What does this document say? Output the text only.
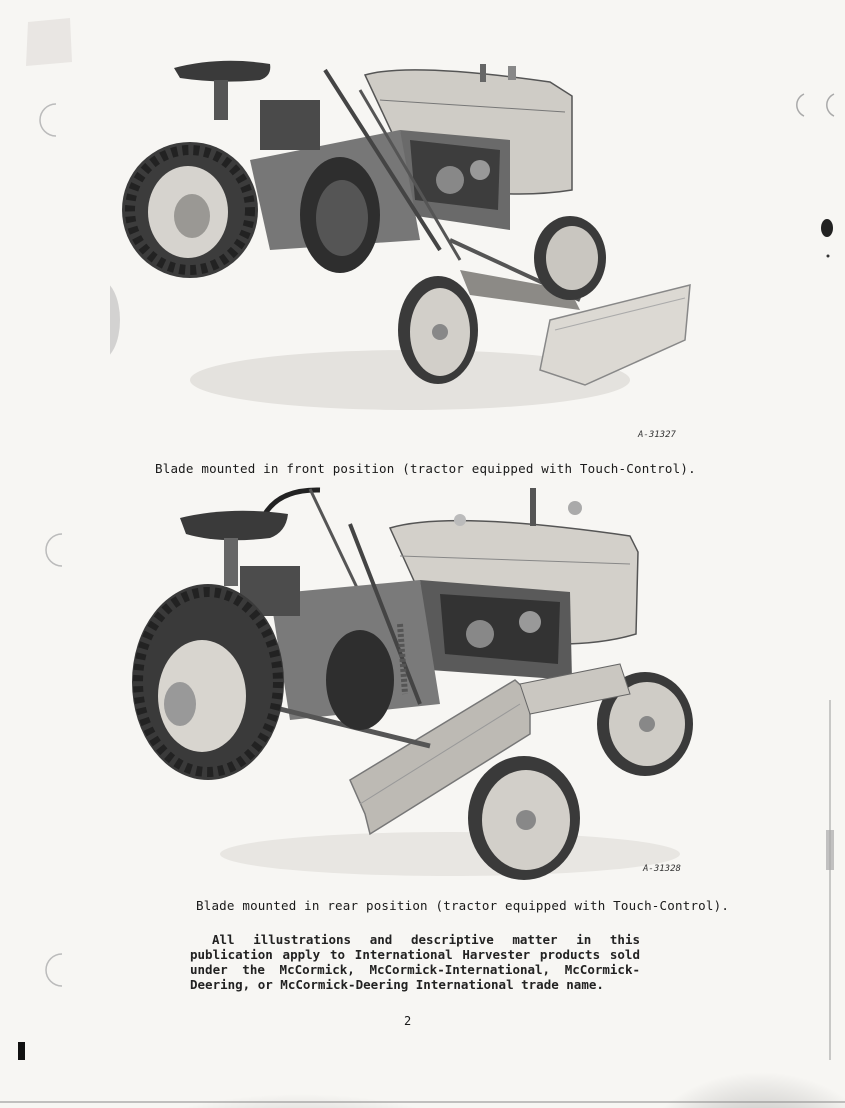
A-31327
Blade mounted in front position (tractor equipped with Touch-Control).
A-31328
Blade mounted in rear position (tractor equipped with Touch-Control).

All illustrations and descriptive matter in this publication apply to International Harvester products sold under the McCormick, McCormick-International, McCormick-Deering, or McCormick-Deering International trade name.

2
